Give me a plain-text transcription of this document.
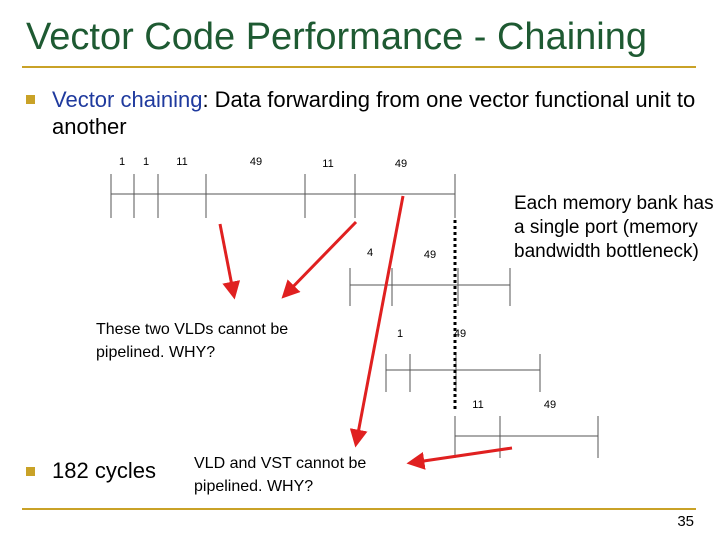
Vector Code Performance - Chaining
Vector chaining: Data forwarding from one vector functional unit to another
1 1 11	49	11	49
4	49
1	49
11	49
These two VLDs cannot be pipelined. WHY?
Each memory bank has a single port (memory bandwidth bottleneck)
182 cycles VLD and VST cannot be pipelined. WHY?
35
